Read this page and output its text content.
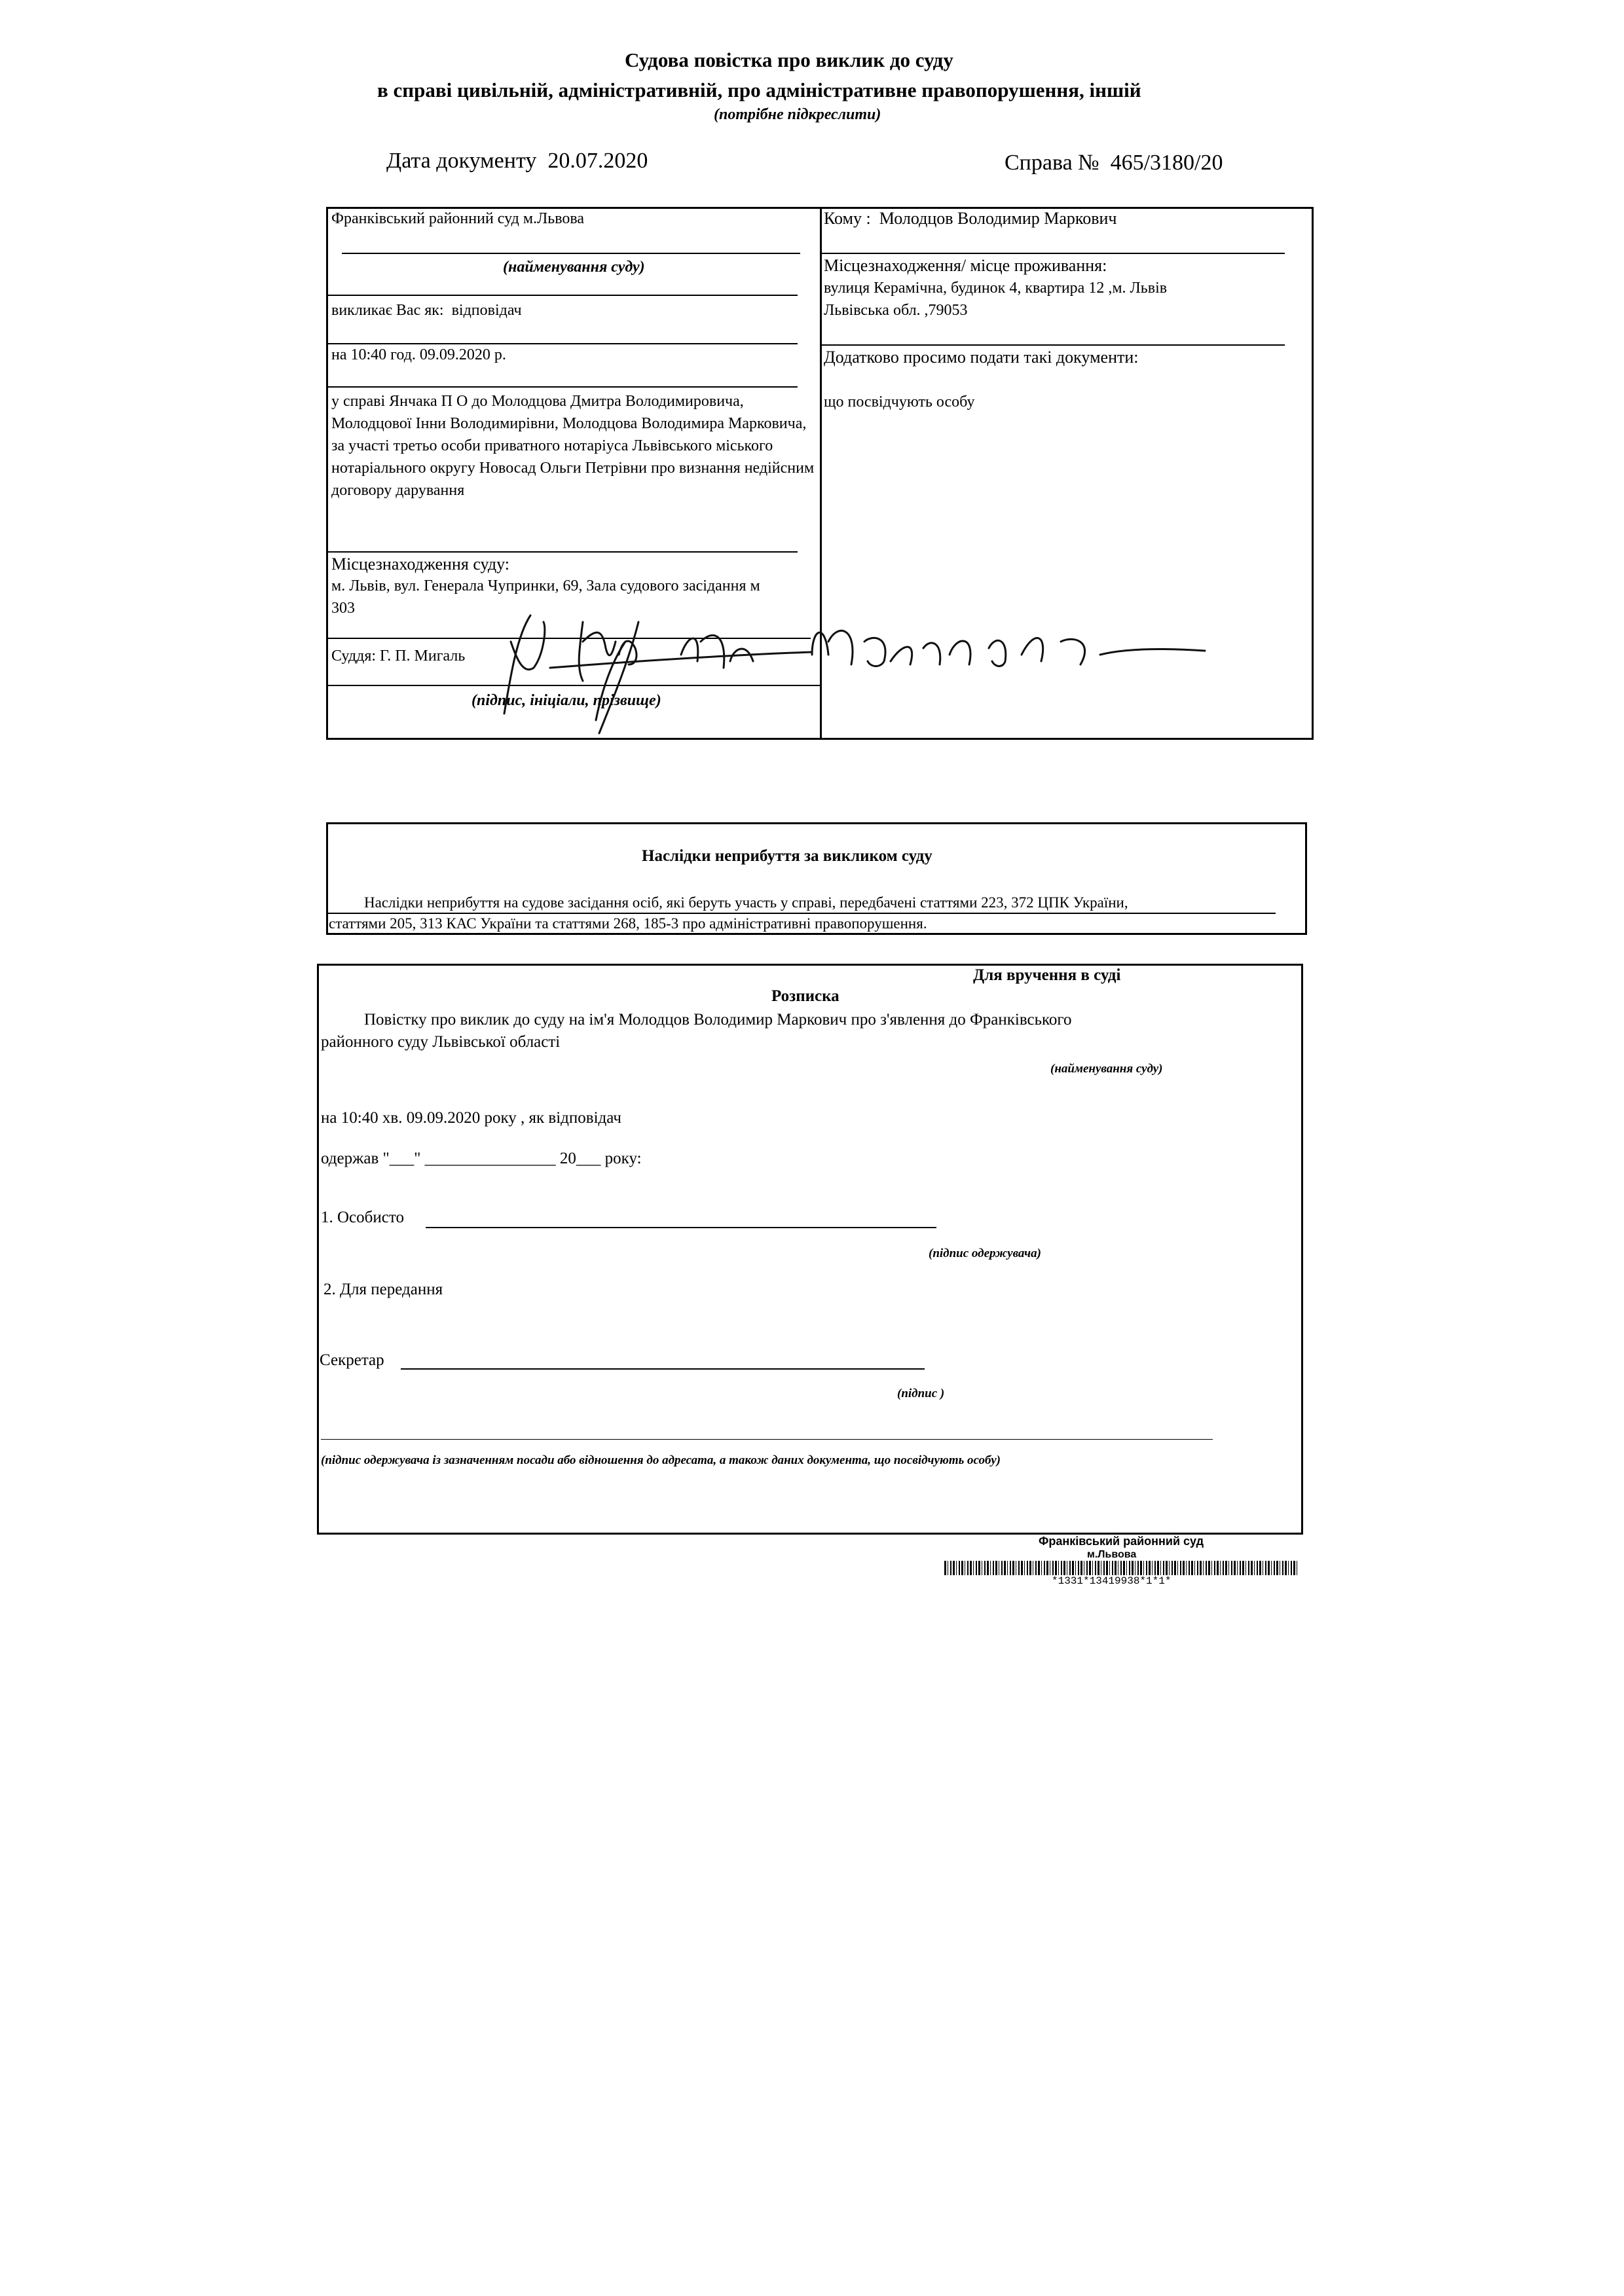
Судова повістка про виклик до суду
в справі цивільній, адміністративній, про адміністративне правопорушення, іншій
(потрібне підкреслити)
Дата документу 20.07.2020	Справа № 465/3180/20
Франківський районний суд м.Львова
(найменування суду)
викликає Вас як: відповідач
на 10:40 год. 09.09.2020 р.
у справі Янчака П О до Молодцова Дмитра Володимировича, Молодцової Інни Володимирівни, Молодцова Володимира Марковича, за участі третьо особи приватного нотаріуса Львівського міського нотаріального округу Новосад Ольги Петрівни про визнання недійсним договору дарування
Місцезнаходження суду:
м. Львів, вул. Генерала Чупринки, 69, Зала судового засідання м 303
Суддя: Г. П. Мигаль
(підпис, ініціали, прізвище)
Кому : Молодцов Володимир Маркович
Місцезнаходження/ місце проживання:
вулиця Керамічна, будинок 4, квартира 12 ,м. Львів
Львівська обл. ,79053
Додатково просимо подати такі документи:
що посвідчують особу
Наслідки неприбуття за викликом суду
Наслідки неприбуття на судове засідання осіб, які беруть участь у справі, передбачені статтями 223, 372 ЦПК України,
статтями 205, 313 КАС України та статтями 268, 185-3 про адміністративні правопорушення.
Для вручення в суді
Розписка
Повістку про виклик до суду на ім'я Молодцов Володимир Маркович про з'явлення до Франківського
районного суду Львівської області
(найменування суду)
на 10:40 хв. 09.09.2020 року , як відповідач
одержав "___" ________________ 20___ року:
1. Особисто
(підпис одержувача)
2. Для передання
Секретар
(підпис )
(підпис одержувача із зазначенням посади або відношення до адресата, а також даних документа, що посвідчують особу)
Франківський районний суд
м.Львова
*1331*13419938*1*1*
